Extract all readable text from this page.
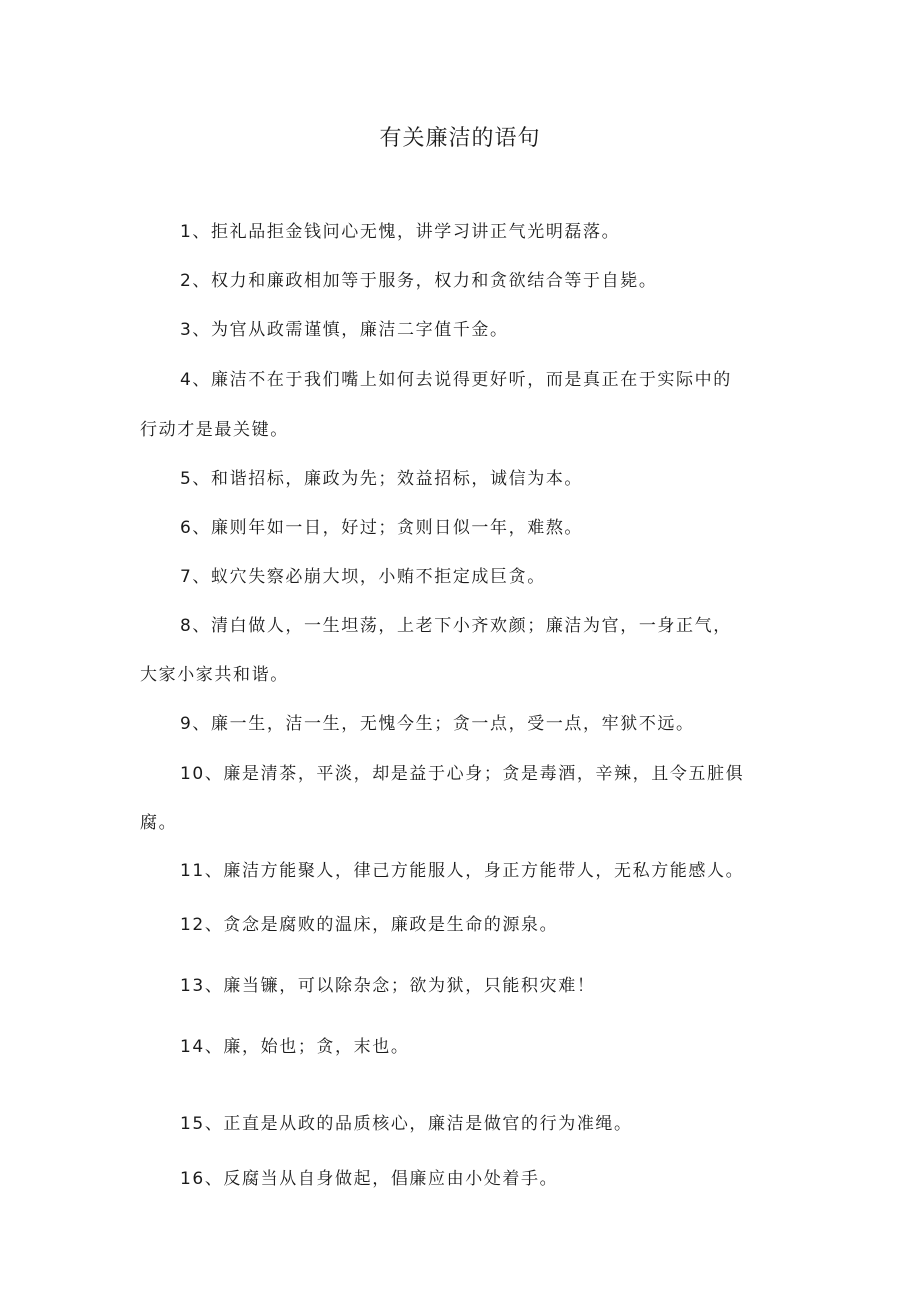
有关廉洁的语句
1、拒礼品拒金钱问心无愧，讲学习讲正气光明磊落。
2、权力和廉政相加等于服务，权力和贪欲结合等于自毙。
3、为官从政需谨慎，廉洁二字值千金。
4、廉洁不在于我们嘴上如何去说得更好听，而是真正在于实际中的
行动才是最关键。
5、和谐招标，廉政为先；效益招标，诚信为本。
6、廉则年如一日，好过；贪则日似一年，难熬。
7、蚁穴失察必崩大坝，小贿不拒定成巨贪。
8、清白做人，一生坦荡，上老下小齐欢颜；廉洁为官，一身正气，
大家小家共和谐。
9、廉一生，洁一生，无愧今生；贪一点，受一点，牢狱不远。
10、廉是清茶，平淡，却是益于心身；贪是毒酒，辛辣，且令五脏俱
腐。
11、廉洁方能聚人，律己方能服人，身正方能带人，无私方能感人。
12、贪念是腐败的温床，廉政是生命的源泉。
13、廉当镰，可以除杂念；欲为狱，只能积灾难！
14、廉，始也；贪，末也。
15、正直是从政的品质核心，廉洁是做官的行为准绳。
16、反腐当从自身做起，倡廉应由小处着手。
